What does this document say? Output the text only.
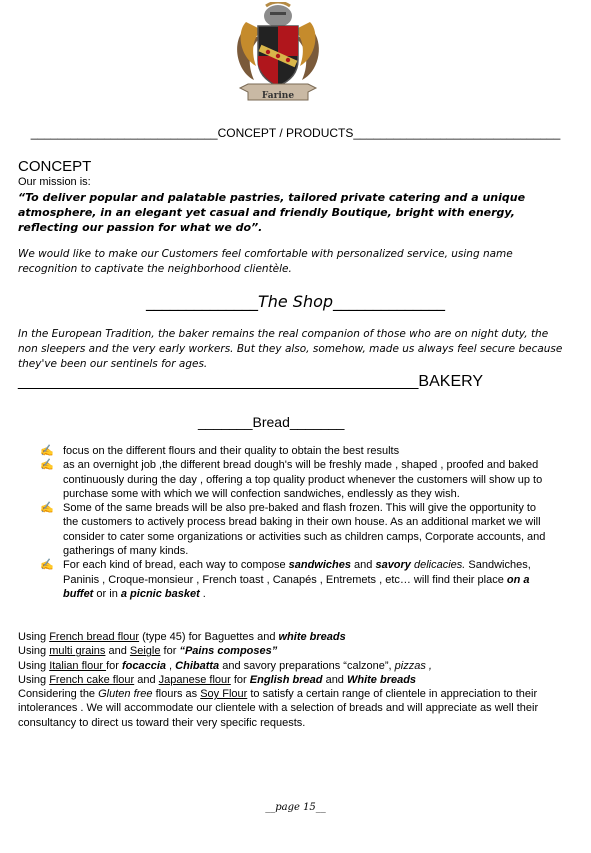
Farine
____________________________CONCEPT / PRODUCTS_______________________________
CONCEPT
Our mission is:
“To deliver popular and palatable pastries, tailored private catering and a unique atmosphere, in an elegant yet casual and friendly Boutique, bright with energy, reflecting our passion for what we do”.
We would like to make our Customers feel comfortable with personalized service, using name recognition to captivate the neighborhood clientèle.
______________The Shop______________
In the European Tradition, the baker remains the real companion of those who are on night duty, the non sleepers and the very early workers. But they also, somehow, made us always feel secure because they've been our sentinels for ages.
_____________________________________________BAKERY
_______Bread_______
✍ focus on the different flours and their quality to obtain the best results
✍ as an overnight job ,the different bread dough's will be freshly made , shaped , proofed and baked continuously during the day , offering a top quality product whenever the customers will show up to purchase some with which we will confection sandwiches, endlessly as they wish.
✍ Some of the same breads will be also pre-baked and flash frozen. This will give the opportunity to the customers to actively process bread baking in their own house. As an additional market we will consider to cater some organizations or activities such as children camps, Corporate accounts, and gatherings of many kinds.
✍ For each kind of bread, each way to compose sandwiches and savory delicacies. Sandwiches, Paninis , Croque-monsieur , French toast , Canapés , Entremets , etc… will find their place on a buffet or in a picnic basket .
Using French bread flour (type 45) for Baguettes and white breads
Using multi grains and Seigle for “Pains composes”
Using Italian flour for focaccia , Chibatta and savory preparations “calzone”, pizzas ,
Using French cake flour and Japanese flour for English bread and White breads
Considering the Gluten free flours as Soy Flour to satisfy a certain range of clientele in appreciation to their intolerances . We will accommodate our clientele with a selection of breads and will appreciate as well their consultancy to direct us toward their very specific requests.
__page 15__
